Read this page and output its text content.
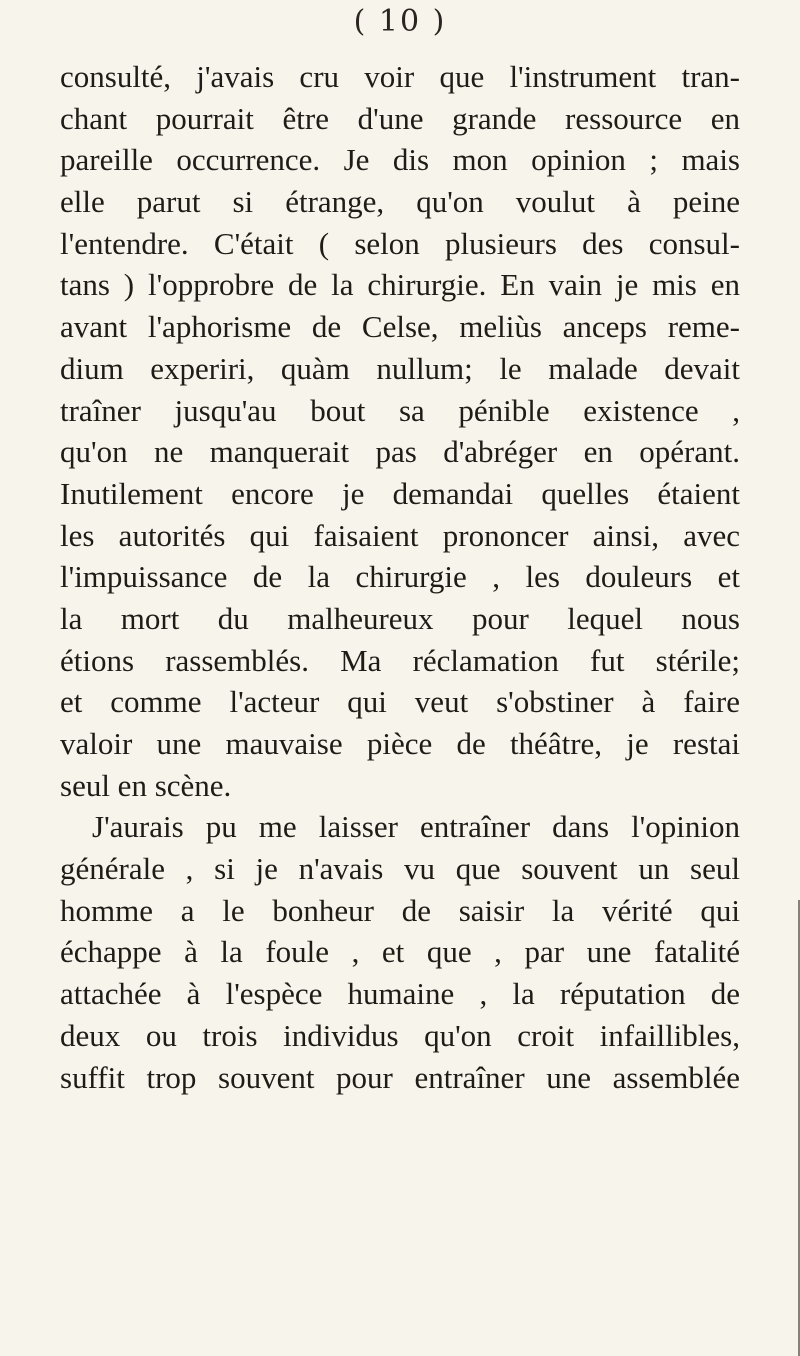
( 10 )
consulté, j'avais cru voir que l'instrument tran-
chant pourrait être d'une grande ressource en
pareille occurrence. Je dis mon opinion ; mais
elle parut si étrange, qu'on voulut à peine
l'entendre. C'était ( selon plusieurs des consul-
tans ) l'opprobre de la chirurgie. En vain je mis en
avant l'aphorisme de Celse, meliùs anceps reme-
dium experiri, quàm nullum; le malade devait
traîner jusqu'au bout sa pénible existence ,
qu'on ne manquerait pas d'abréger en opérant.
Inutilement encore je demandai quelles étaient
les autorités qui faisaient prononcer ainsi, avec
l'impuissance de la chirurgie , les douleurs et
la mort du malheureux pour lequel nous
étions rassemblés. Ma réclamation fut stérile;
et comme l'acteur qui veut s'obstiner à faire
valoir une mauvaise pièce de théâtre, je restai
seul en scène.
J'aurais pu me laisser entraîner dans l'opinion
générale , si je n'avais vu que souvent un seul
homme a le bonheur de saisir la vérité qui
échappe à la foule , et que , par une fatalité
attachée à l'espèce humaine , la réputation de
deux ou trois individus qu'on croit infaillibles,
suffit trop souvent pour entraîner une assemblée
